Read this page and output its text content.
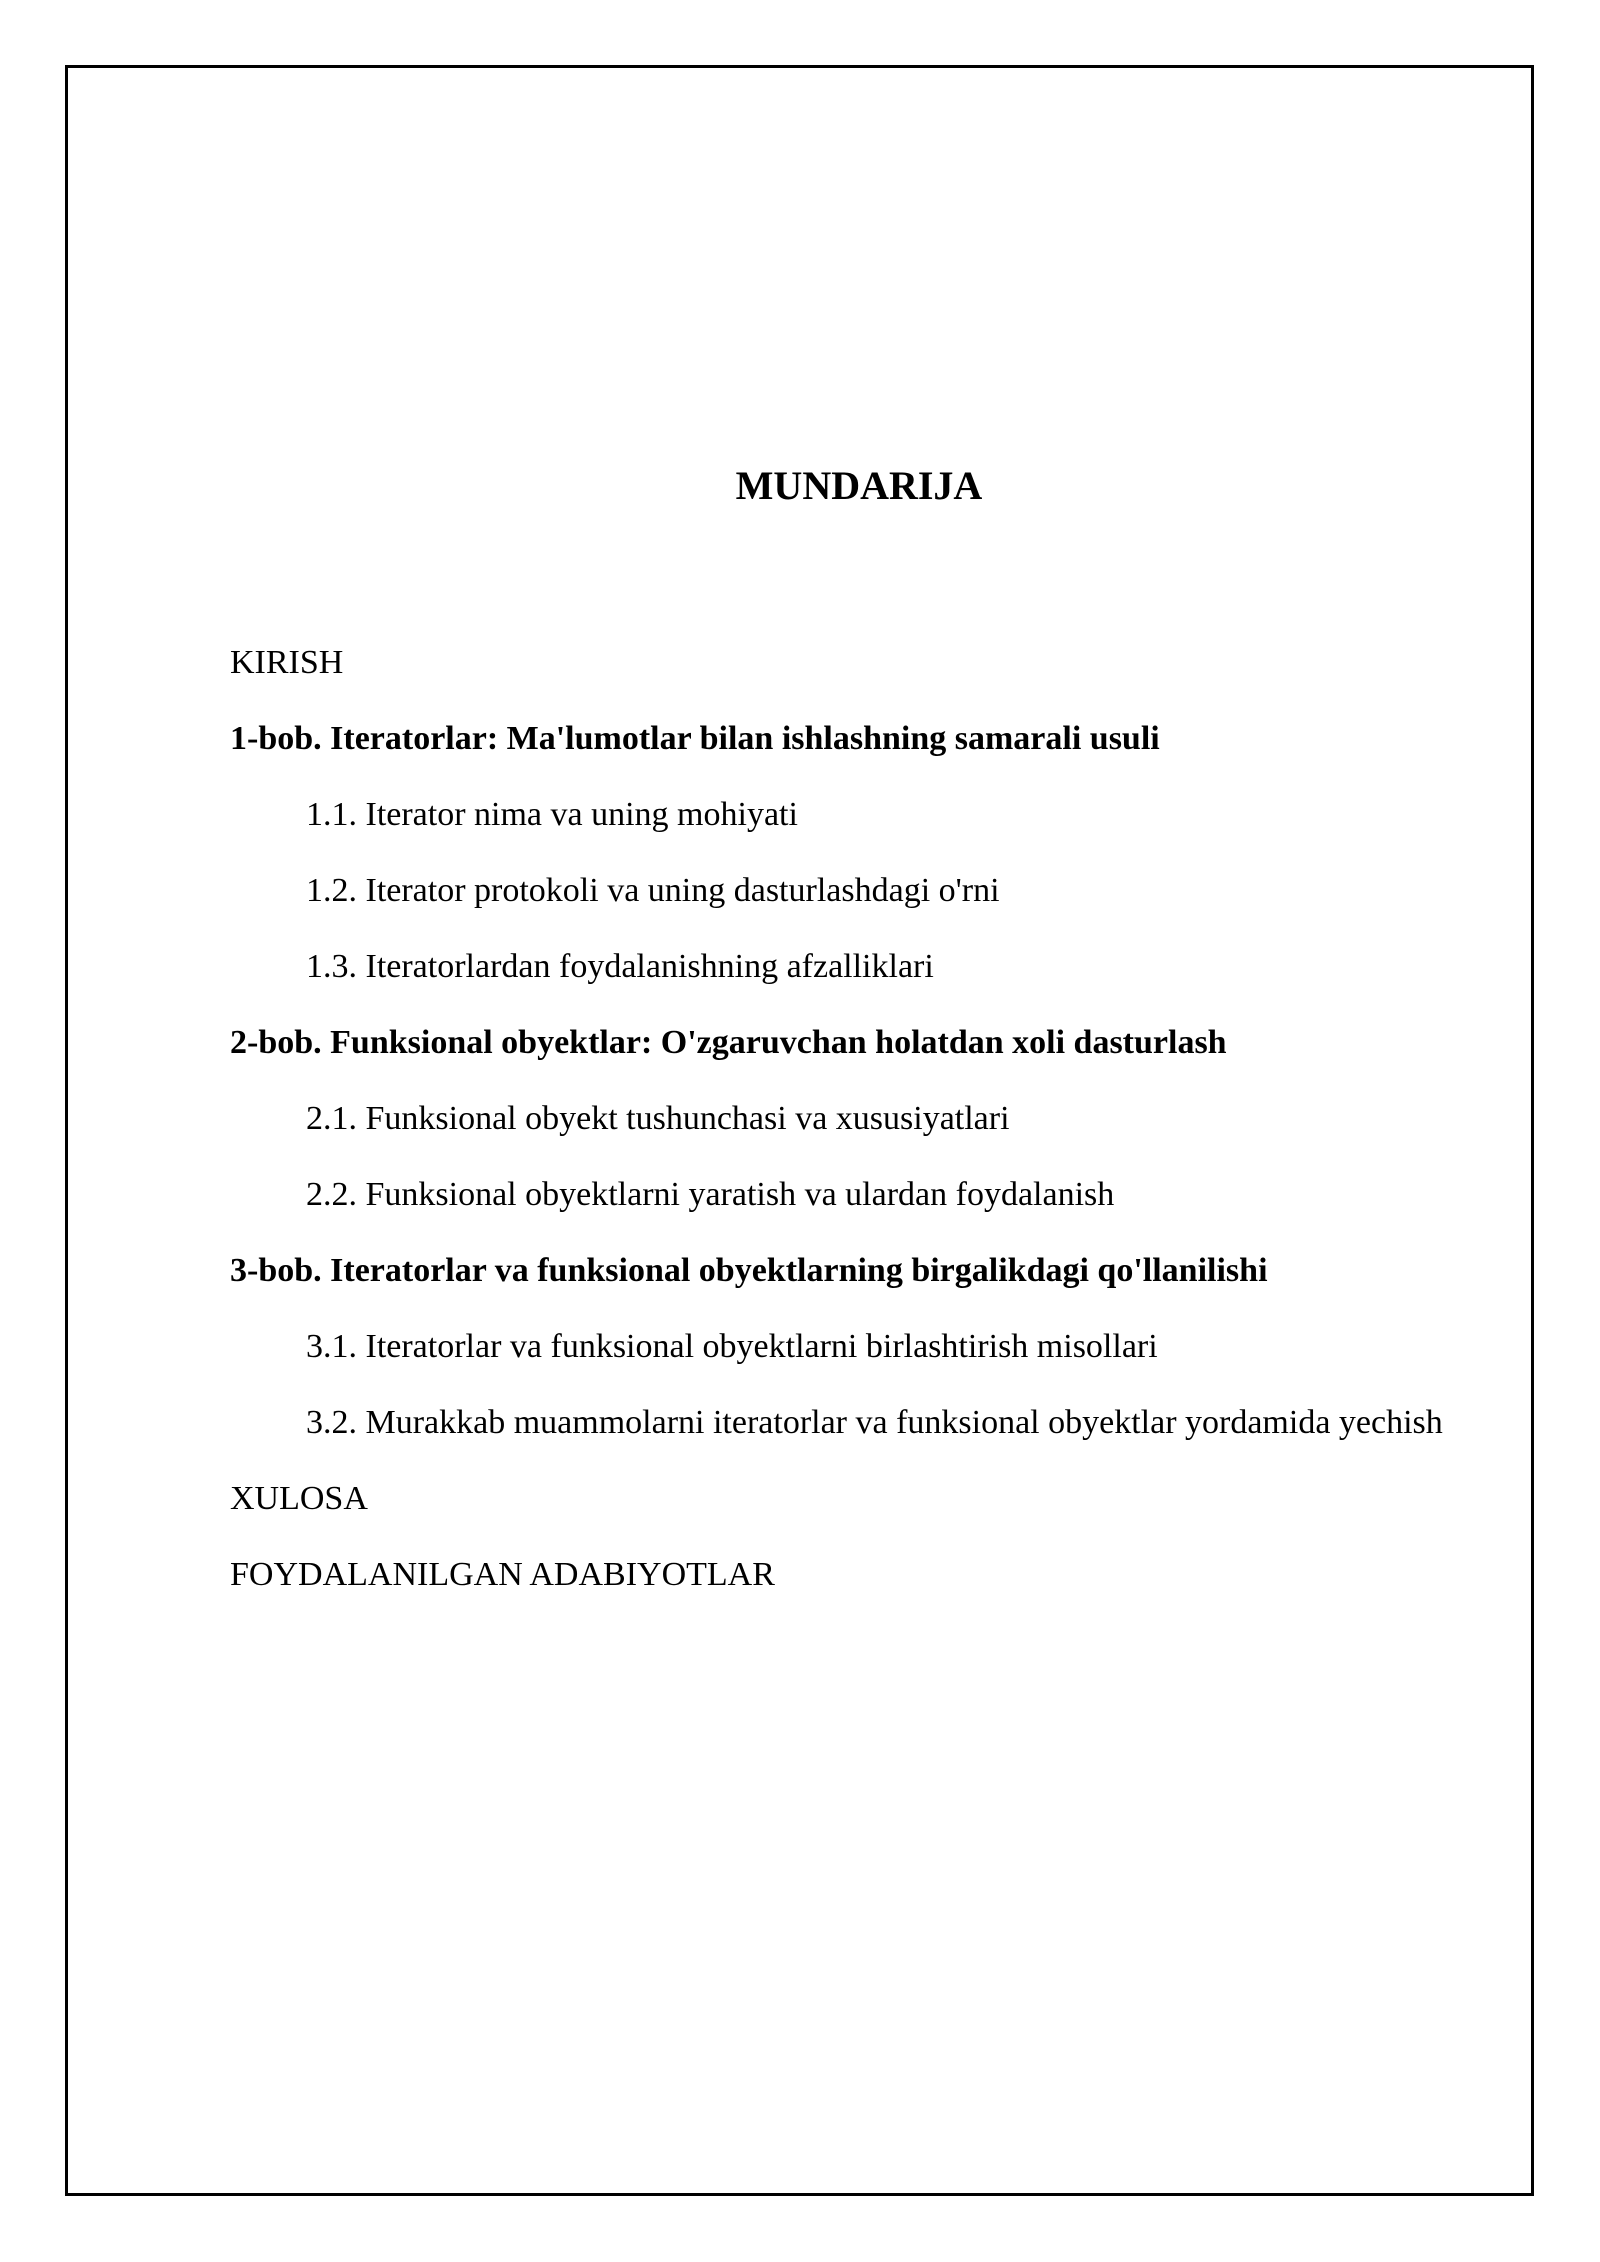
MUNDARIJA
KIRISH
1-bob. Iteratorlar: Ma'lumotlar bilan ishlashning samarali usuli
1.1. Iterator nima va uning mohiyati
1.2. Iterator protokoli va uning dasturlashdagi o'rni
1.3. Iteratorlardan foydalanishning afzalliklari
2-bob. Funksional obyektlar: O'zgaruvchan holatdan xoli dasturlash
2.1. Funksional obyekt tushunchasi va xususiyatlari
2.2. Funksional obyektlarni yaratish va ulardan foydalanish
3-bob. Iteratorlar va funksional obyektlarning birgalikdagi qo'llanilishi
3.1. Iteratorlar va funksional obyektlarni birlashtirish misollari
3.2. Murakkab muammolarni iteratorlar va funksional obyektlar yordamida yechish
XULOSA
FOYDALANILGAN ADABIYOTLAR
